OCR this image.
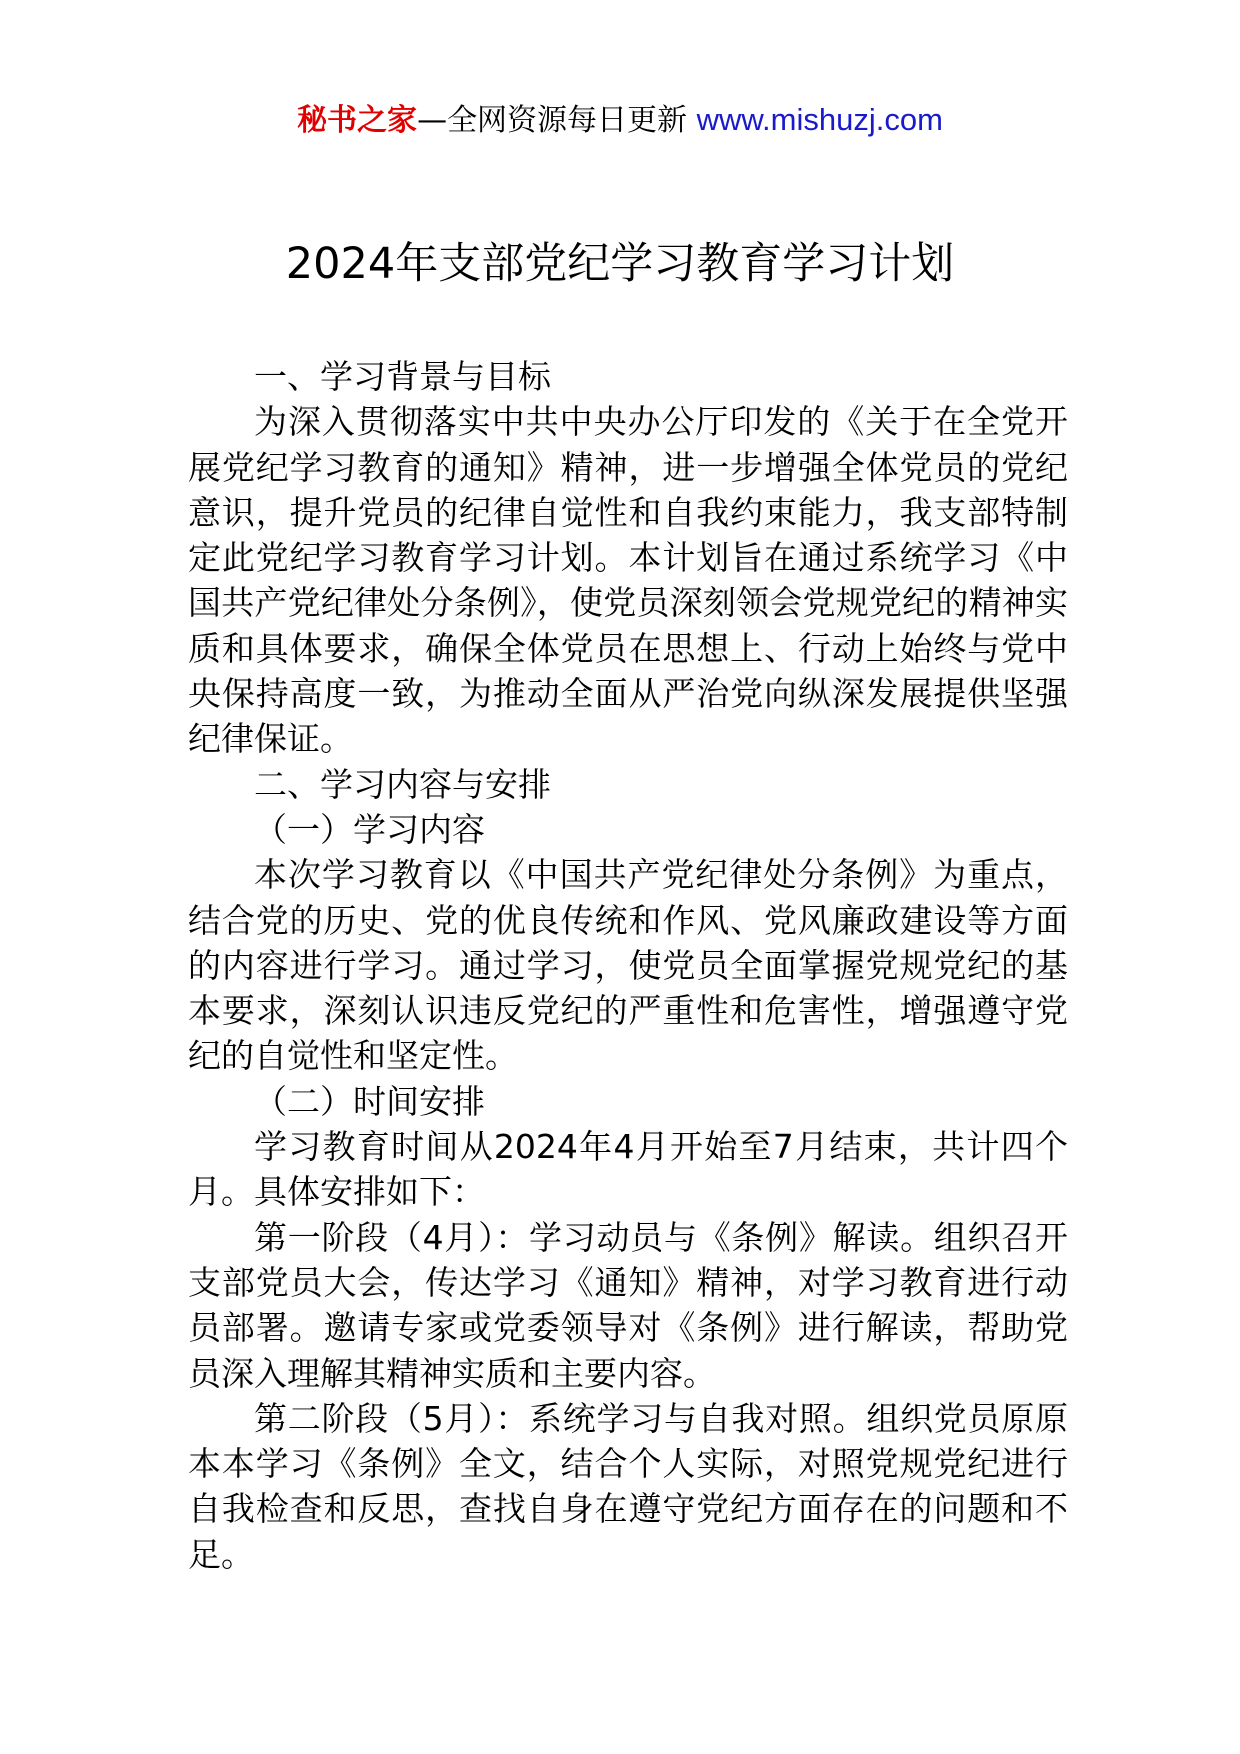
秘书之家—全网资源每日更新 www.mishuzj.com
2024年支部党纪学习教育学习计划

一、学习背景与目标

为深入贯彻落实中共中央办公厅印发的《关于在全党开展党纪学习教育的通知》精神，进一步增强全体党员的党纪意识，提升党员的纪律自觉性和自我约束能力，我支部特制定此党纪学习教育学习计划。本计划旨在通过系统学习《中国共产党纪律处分条例》，使党员深刻领会党规党纪的精神实质和具体要求，确保全体党员在思想上、行动上始终与党中央保持高度一致，为推动全面从严治党向纵深发展提供坚强纪律保证。

二、学习内容与安排

（一）学习内容

本次学习教育以《中国共产党纪律处分条例》为重点，结合党的历史、党的优良传统和作风、党风廉政建设等方面的内容进行学习。通过学习，使党员全面掌握党规党纪的基本要求，深刻认识违反党纪的严重性和危害性，增强遵守党纪的自觉性和坚定性。

（二）时间安排

学习教育时间从2024年4月开始至7月结束，共计四个月。具体安排如下：

第一阶段（4月）：学习动员与《条例》解读。组织召开支部党员大会，传达学习《通知》精神，对学习教育进行动员部署。邀请专家或党委领导对《条例》进行解读，帮助党员深入理解其精神实质和主要内容。

第二阶段（5月）：系统学习与自我对照。组织党员原原本本学习《条例》全文，结合个人实际，对照党规党纪进行自我检查和反思，查找自身在遵守党纪方面存在的问题和不足。
